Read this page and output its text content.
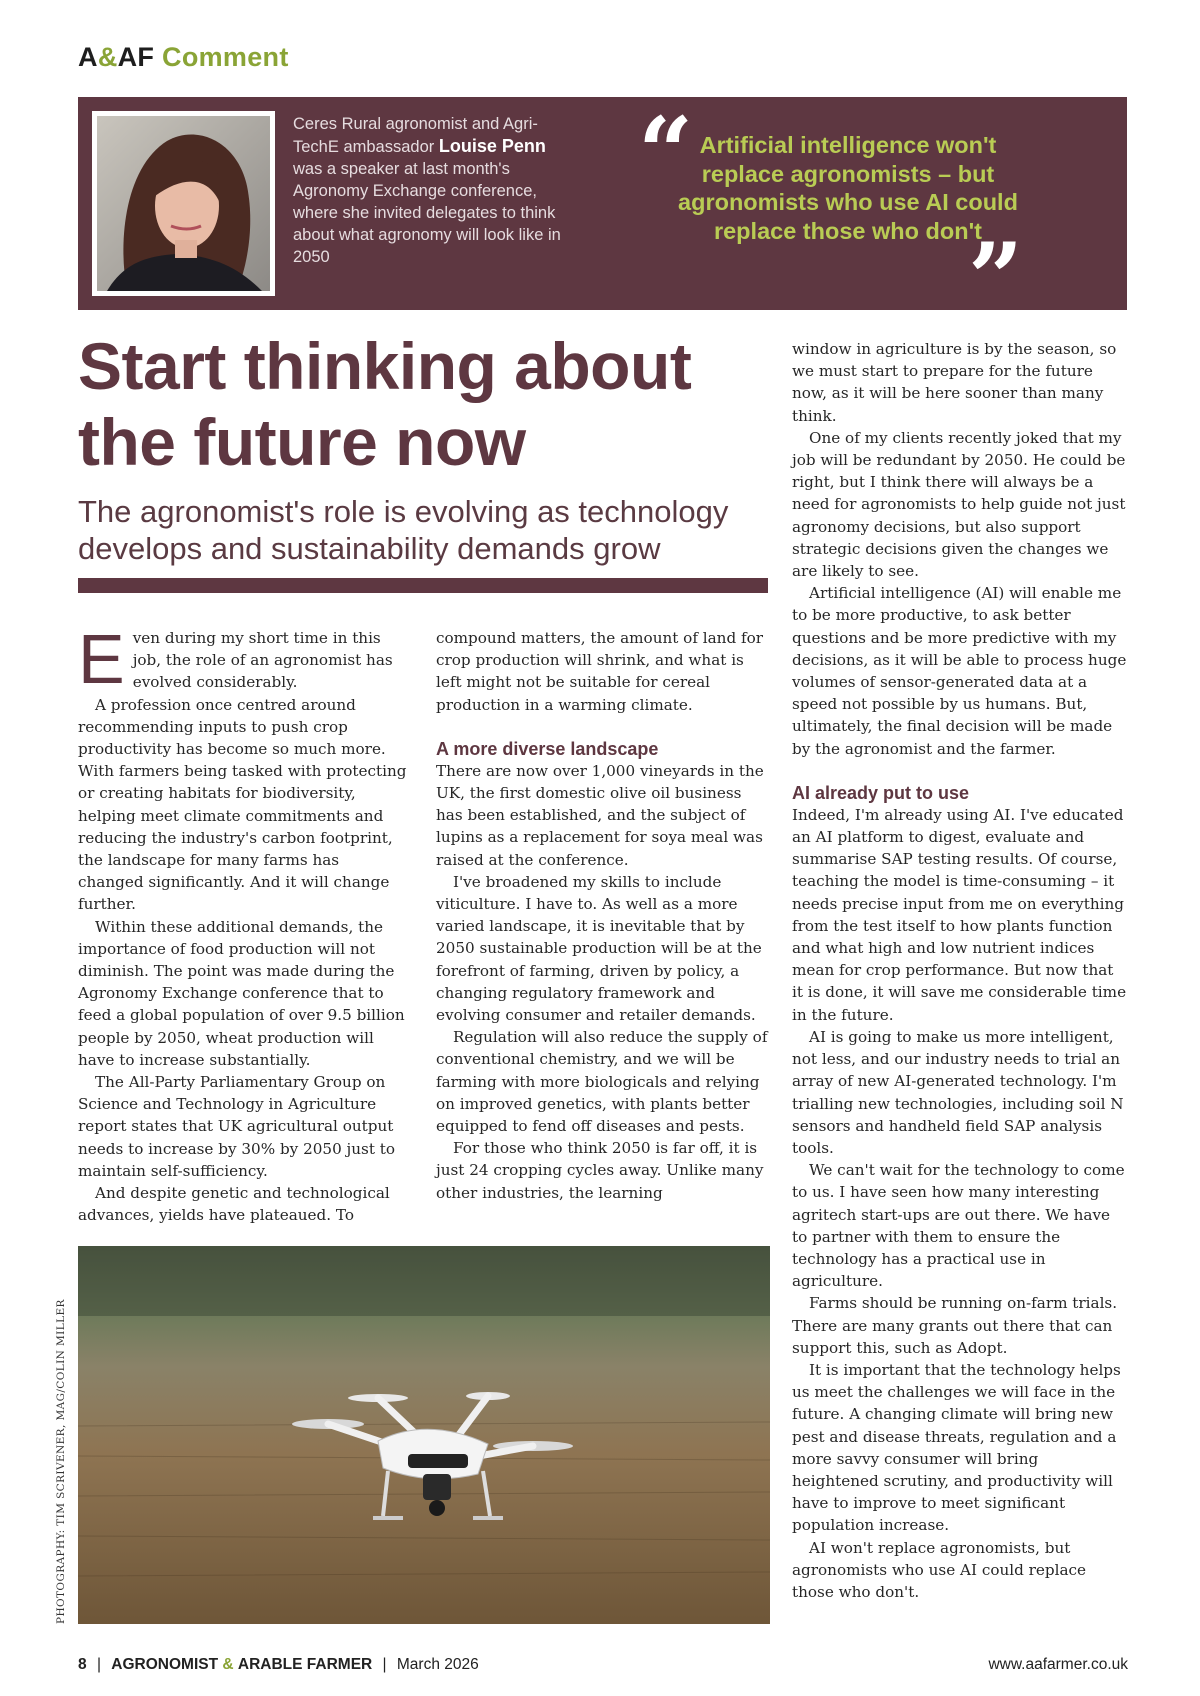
A&AF Comment
Ceres Rural agronomist and Agri-TechE ambassador Louise Penn was a speaker at last month's Agronomy Exchange conference, where she invited delegates to think about what agronomy will look like in 2050
“ Artificial intelligence won't replace agronomists – but agronomists who use AI could replace those who don't
”
Start thinking about the future now

The agronomist's role is evolving as technology develops and sustainability demands grow

Even during my short time in this job, the role of an agronomist has evolved considerably.

A profession once centred around recommending inputs to push crop productivity has become so much more. With farmers being tasked with protecting or creating habitats for biodiversity, helping meet climate commitments and reducing the industry's carbon footprint, the landscape for many farms has changed significantly. And it will change further.

Within these additional demands, the importance of food production will not diminish. The point was made during the Agronomy Exchange conference that to feed a global population of over 9.5 billion people by 2050, wheat production will have to increase substantially.

The All-Party Parliamentary Group on Science and Technology in Agriculture report states that UK agricultural output needs to increase by 30% by 2050 just to maintain self-sufficiency.

And despite genetic and technological advances, yields have plateaued. To

compound matters, the amount of land for crop production will shrink, and what is left might not be suitable for cereal production in a warming climate.

A more diverse landscape

There are now over 1,000 vineyards in the UK, the first domestic olive oil business has been established, and the subject of lupins as a replacement for soya meal was raised at the conference.

I've broadened my skills to include viticulture. I have to. As well as a more varied landscape, it is inevitable that by 2050 sustainable production will be at the forefront of farming, driven by policy, a changing regulatory framework and evolving consumer and retailer demands.

Regulation will also reduce the supply of conventional chemistry, and we will be farming with more biologicals and relying on improved genetics, with plants better equipped to fend off diseases and pests.

For those who think 2050 is far off, it is just 24 cropping cycles away. Unlike many other industries, the learning

window in agriculture is by the season, so we must start to prepare for the future now, as it will be here sooner than many think.

One of my clients recently joked that my job will be redundant by 2050. He could be right, but I think there will always be a need for agronomists to help guide not just agronomy decisions, but also support strategic decisions given the changes we are likely to see.

Artificial intelligence (AI) will enable me to be more productive, to ask better questions and be more predictive with my decisions, as it will be able to process huge volumes of sensor-generated data at a speed not possible by us humans. But, ultimately, the final decision will be made by the agronomist and the farmer.

AI already put to use

Indeed, I'm already using AI. I've educated an AI platform to digest, evaluate and summarise SAP testing results. Of course, teaching the model is time-consuming – it needs precise input from me on everything from the test itself to how plants function and what high and low nutrient indices mean for crop performance. But now that it is done, it will save me considerable time in the future.

AI is going to make us more intelligent, not less, and our industry needs to trial an array of new AI-generated technology. I'm trialling new technologies, including soil N sensors and handheld field SAP analysis tools.

We can't wait for the technology to come to us. I have seen how many interesting agritech start-ups are out there. We have to partner with them to ensure the technology has a practical use in agriculture.

Farms should be running on-farm trials. There are many grants out there that can support this, such as Adopt.

It is important that the technology helps us meet the challenges we will face in the future. A changing climate will bring new pest and disease threats, regulation and a more savvy consumer will bring heightened scrutiny, and productivity will have to improve to meet significant population increase.

AI won't replace agronomists, but agronomists who use AI could replace those who don't.

PHOTOGRAPHY: TIM SCRIVENER, MAG/COLIN MILLER
8 | AGRONOMIST & ARABLE FARMER | March 2026	www.aafarmer.co.uk
